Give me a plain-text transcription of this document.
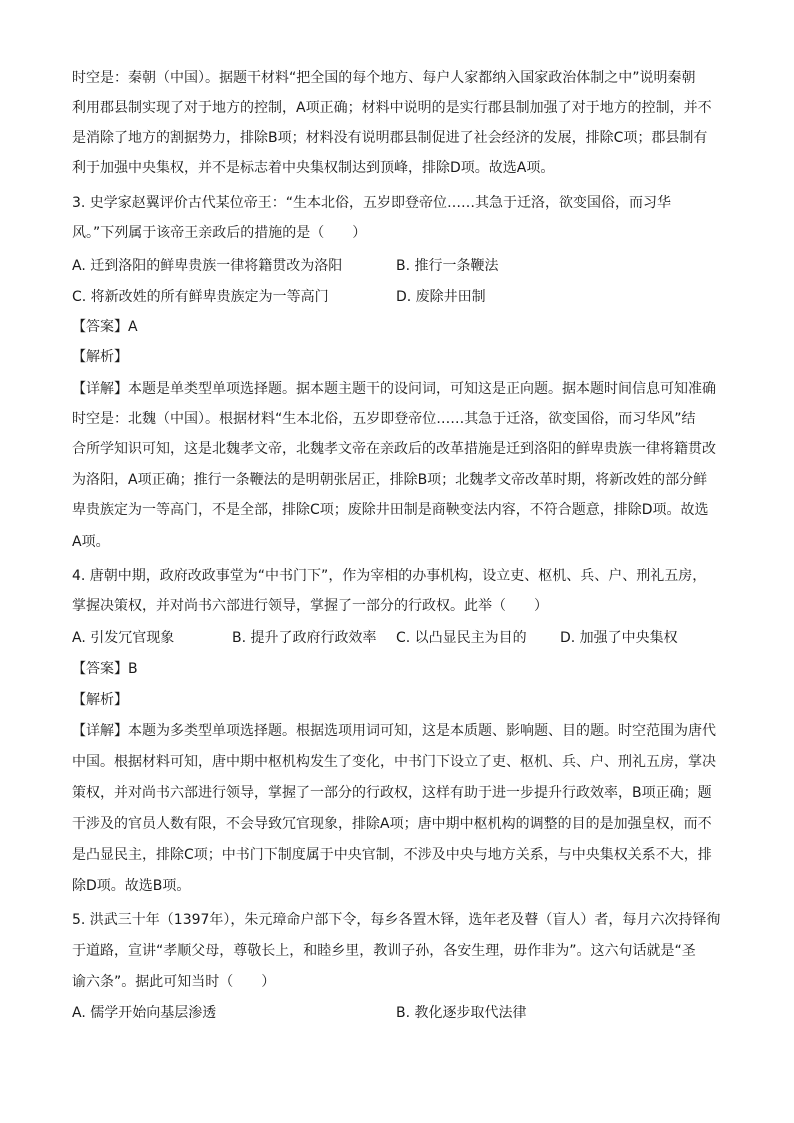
时空是：秦朝（中国）。据题干材料“把全国的每个地方、每户人家都纳入国家政治体制之中”说明秦朝
利用郡县制实现了对于地方的控制，A项正确；材料中说明的是实行郡县制加强了对于地方的控制，并不
是消除了地方的割据势力，排除B项；材料没有说明郡县制促进了社会经济的发展，排除C项；郡县制有
利于加强中央集权，并不是标志着中央集权制达到顶峰，排除D项。故选A项。
3. 史学家赵翼评价古代某位帝王：“生本北俗，五岁即登帝位……其急于迁洛，欲变国俗，而习华
风。”下列属于该帝王亲政后的措施的是（　　）
A. 迁到洛阳的鲜卑贵族一律将籍贯改为洛阳	B. 推行一条鞭法
C. 将新改姓的所有鲜卑贵族定为一等高门	D. 废除井田制
【答案】A
【解析】
【详解】本题是单类型单项选择题。据本题主题干的设问词，可知这是正向题。据本题时间信息可知准确
时空是：北魏（中国）。根据材料“生本北俗，五岁即登帝位……其急于迁洛，欲变国俗，而习华风”结
合所学知识可知，这是北魏孝文帝，北魏孝文帝在亲政后的改革措施是迁到洛阳的鲜卑贵族一律将籍贯改
为洛阳，A项正确；推行一条鞭法的是明朝张居正，排除B项；北魏孝文帝改革时期，将新改姓的部分鲜
卑贵族定为一等高门，不是全部，排除C项；废除井田制是商鞅变法内容，不符合题意，排除D项。故选
A项。
4. 唐朝中期，政府改政事堂为“中书门下”，作为宰相的办事机构，设立吏、枢机、兵、户、刑礼五房，
掌握决策权，并对尚书六部进行领导，掌握了一部分的行政权。此举（　　）
A. 引发冗官现象	B. 提升了政府行政效率 C. 以凸显民主为目的 D. 加强了中央集权
【答案】B
【解析】
【详解】本题为多类型单项选择题。根据选项用词可知，这是本质题、影响题、目的题。时空范围为唐代
中国。根据材料可知，唐中期中枢机构发生了变化，中书门下设立了吏、枢机、兵、户、刑礼五房，掌决
策权，并对尚书六部进行领导，掌握了一部分的行政权，这样有助于进一步提升行政效率，B项正确；题
干涉及的官员人数有限，不会导致冗官现象，排除A项；唐中期中枢机构的调整的目的是加强皇权，而不
是凸显民主，排除C项；中书门下制度属于中央官制，不涉及中央与地方关系，与中央集权关系不大，排
除D项。故选B项。
5. 洪武三十年（1397年），朱元璋命户部下令，每乡各置木铎，选年老及瞽（盲人）者，每月六次持铎徇
于道路，宣讲“孝顺父母，尊敬长上，和睦乡里，教训子孙，各安生理，毋作非为”。这六句话就是“圣
谕六条”。据此可知当时（　　）
A. 儒学开始向基层渗透	B. 教化逐步取代法律
